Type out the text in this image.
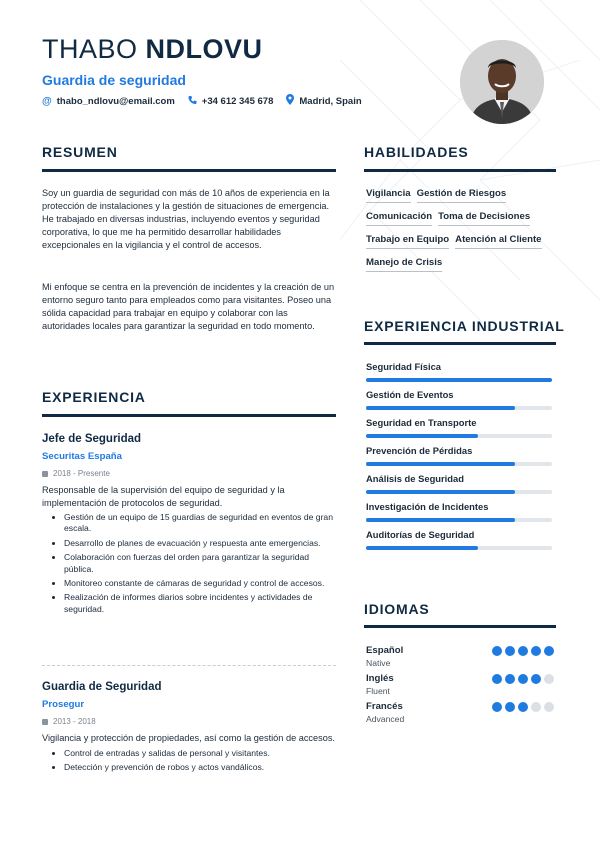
THABO NDLOVU
Guardia de seguridad
@ thabo_ndlovu@email.com	+34 612 345 678	Madrid, Spain
RESUMEN
Soy un guardia de seguridad con más de 10 años de experiencia en la protección de instalaciones y la gestión de situaciones de emergencia. He trabajado en diversas industrias, incluyendo eventos y seguridad corporativa, lo que me ha permitido desarrollar habilidades excepcionales en la vigilancia y el control de accesos.
Mi enfoque se centra en la prevención de incidentes y la creación de un entorno seguro tanto para empleados como para visitantes. Poseo una sólida capacidad para trabajar en equipo y colaborar con las autoridades locales para garantizar la seguridad en todo momento.
EXPERIENCIA
Jefe de Seguridad
Securitas España
2018 - Presente
Responsable de la supervisión del equipo de seguridad y la implementación de protocolos de seguridad.
• Gestión de un equipo de 15 guardias de seguridad en eventos de gran escala.
• Desarrollo de planes de evacuación y respuesta ante emergencias.
• Colaboración con fuerzas del orden para garantizar la seguridad pública.
• Monitoreo constante de cámaras de seguridad y control de accesos.
• Realización de informes diarios sobre incidentes y actividades de seguridad.
Guardia de Seguridad
Prosegur
2013 - 2018
Vigilancia y protección de propiedades, así como la gestión de accesos.
• Control de entradas y salidas de personal y visitantes.
• Detección y prevención de robos y actos vandálicos.
HABILIDADES
Vigilancia Gestión de Riesgos
Comunicación Toma de Decisiones
Trabajo en Equipo Atención al Cliente
Manejo de Crisis
EXPERIENCIA INDUSTRIAL
Seguridad Física
Gestión de Eventos
Seguridad en Transporte
Prevención de Pérdidas
Análisis de Seguridad
Investigación de Incidentes
Auditorías de Seguridad
IDIOMAS
Español
Native
Inglés
Fluent
Francés
Advanced
